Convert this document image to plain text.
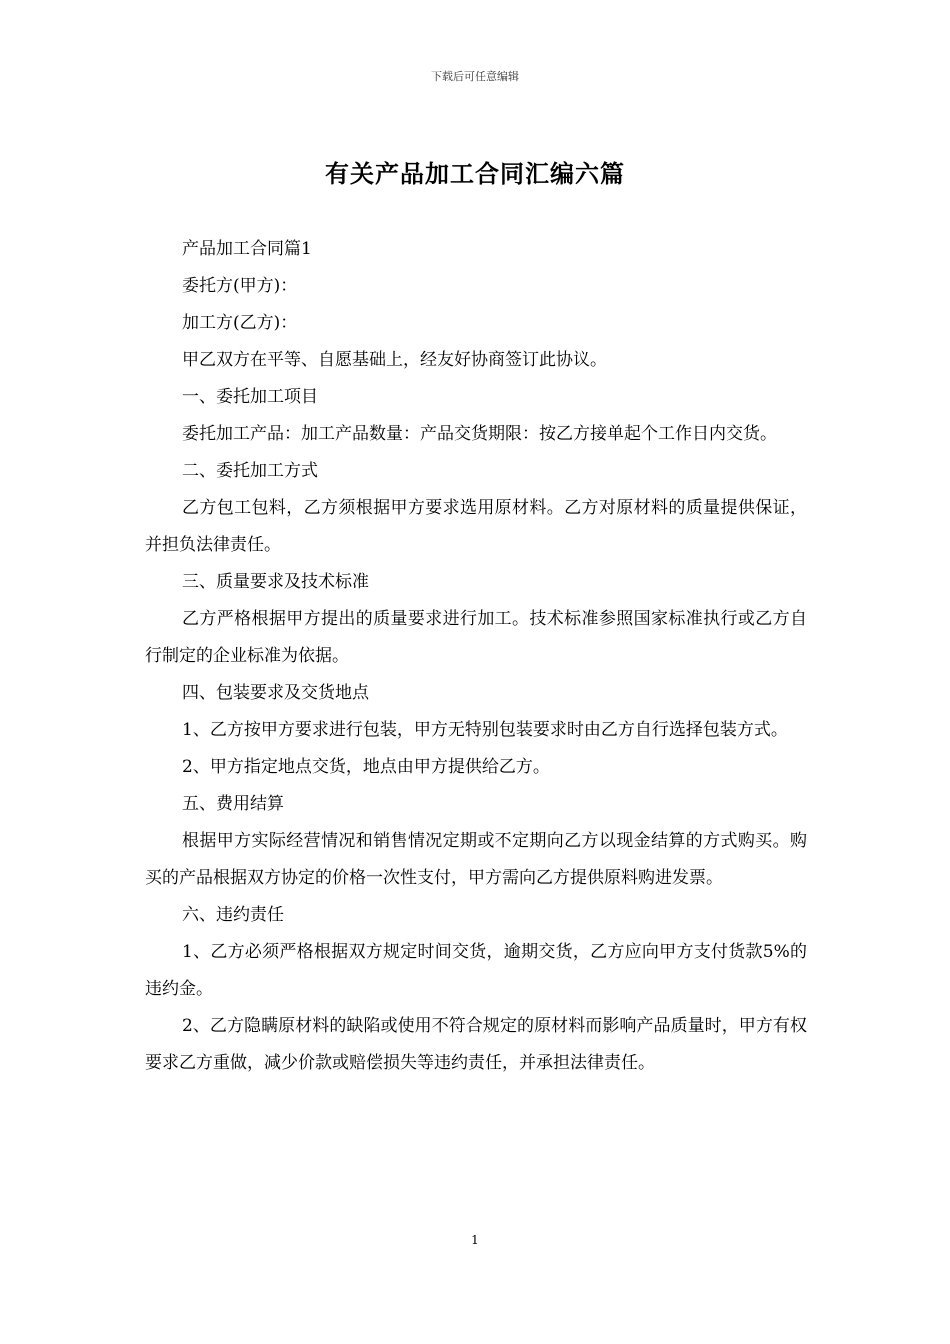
下载后可任意编辑
有关产品加工合同汇编六篇

产品加工合同篇1

委托方(甲方)：

加工方(乙方)：

甲乙双方在平等、自愿基础上，经友好协商签订此协议。

一、委托加工项目

委托加工产品：加工产品数量：产品交货期限：按乙方接单起个工作日内交货。

二、委托加工方式

乙方包工包料，乙方须根据甲方要求选用原材料。乙方对原材料的质量提供保证，并担负法律责任。

三、质量要求及技术标准

乙方严格根据甲方提出的质量要求进行加工。技术标准参照国家标准执行或乙方自行制定的企业标准为依据。

四、包装要求及交货地点

1、乙方按甲方要求进行包装，甲方无特别包装要求时由乙方自行选择包装方式。

2、甲方指定地点交货，地点由甲方提供给乙方。

五、费用结算

根据甲方实际经营情况和销售情况定期或不定期向乙方以现金结算的方式购买。购买的产品根据双方协定的价格一次性支付，甲方需向乙方提供原料购进发票。

六、违约责任

1、乙方必须严格根据双方规定时间交货，逾期交货，乙方应向甲方支付货款5%的违约金。

2、乙方隐瞒原材料的缺陷或使用不符合规定的原材料而影响产品质量时，甲方有权要求乙方重做，减少价款或赔偿损失等违约责任，并承担法律责任。

1
